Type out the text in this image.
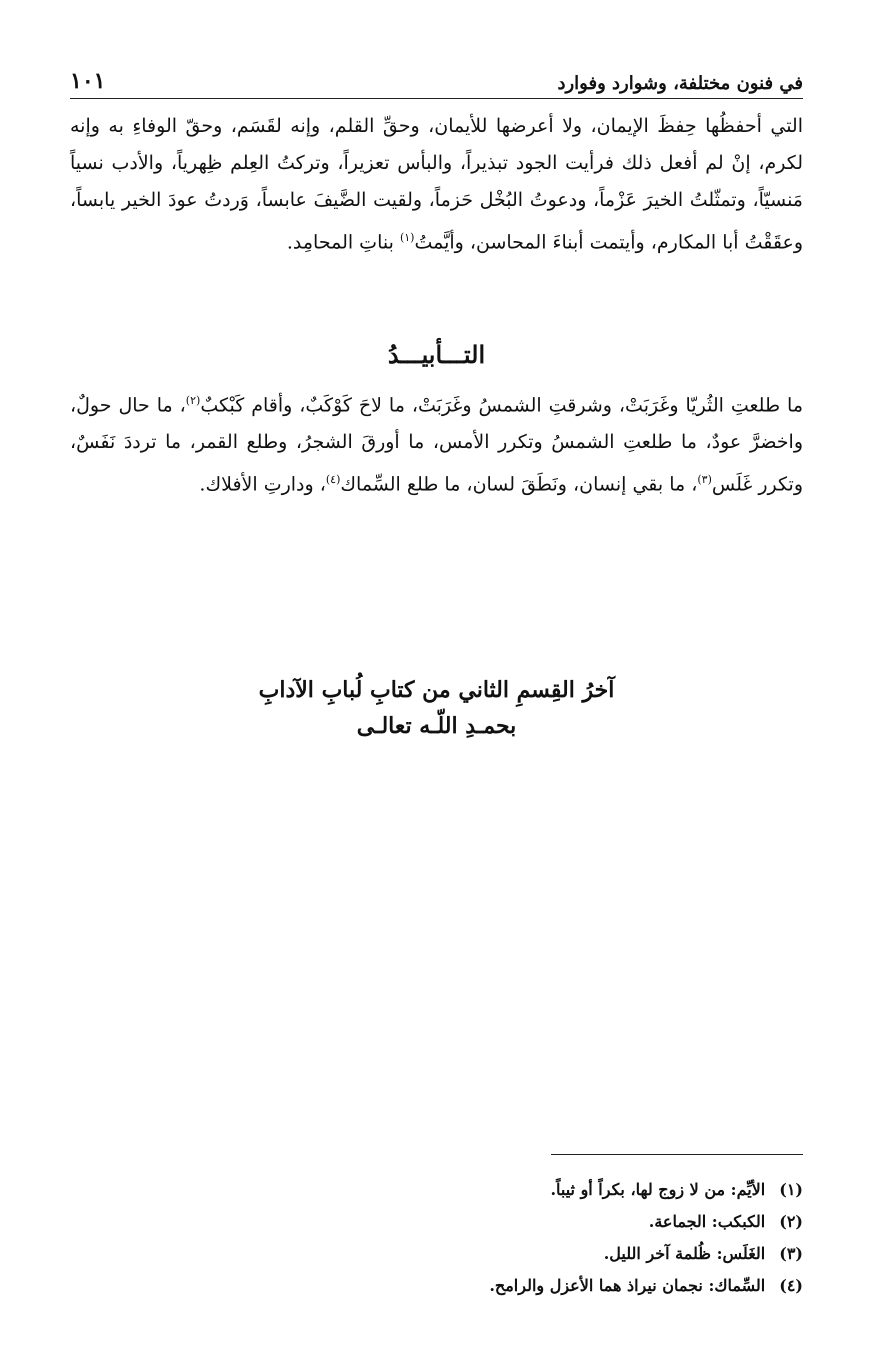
في فنون مختلفة، وشوارد وفوارد
١٠١

التي أحفظُها حِفظَ الإيمان، ولا أعرضها للأيمان، وحقِّ القلم، وإنه لقَسَم، وحقّ الوفاءِ به وإنه لكرم، إنْ لم أفعل ذلك فرأيت الجود تبذيراً، والبأس تعزيراً، وتركتُ العِلم ظِهرياً، والأدب نسياً مَنسيّاً، وتمثّلتُ الخيرَ عَزْماً، ودعوتُ البُخْل حَزماً، ولقيت الضَّيفَ عابساً، وَردتُ عودَ الخير يابساً، وعقَقْتُ أبا المكارم، وأيتمت أبناءَ المحاسن، وأيَّمتُ$^{(١)}$ بناتِ المحامِد.

التـــأبيـــدُ

ما طلعتِ الثُريّا وغَرَبَتْ، وشرقتِ الشمسُ وغَرَبَتْ، ما لاحَ كَوْكَبٌ، وأقام كَبْكبٌ$^{(٢)}$، ما حال حولٌ، واخضرَّ عودٌ، ما طلعتِ الشمسُ وتكرر الأمس، ما أورقَ الشجرُ، وطلع القمر، ما ترددَ نَفَسٌ، وتكرر غَلَس$^{(٣)}$، ما بقي إنسان، ونَطَقَ لسان، ما طلع السِّماك$^{(٤)}$، ودارتِ الأفلاك.

آخرُ القِسمِ الثاني من كتابِ لُبابِ الآدابِ
بحمـدِ اللّـه تعالـى
(١)
الأيِّم: من لا زوج لها، بكراً أو ثيباً.
(٢)
الكبكب: الجماعة.
(٣)
الغَلَس: ظُلمة آخر الليل.
(٤)
السِّماك: نجمان نيراذ هما الأعزل والرامح.
